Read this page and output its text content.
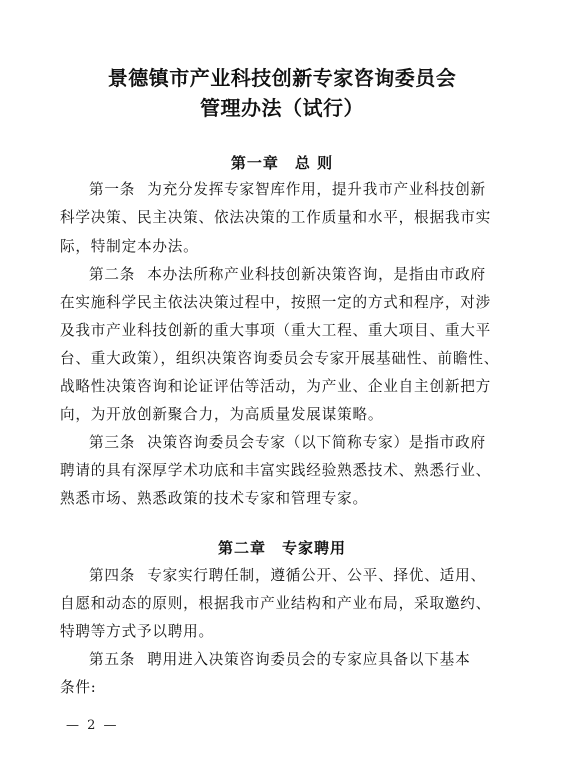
景德镇市产业科技创新专家咨询委员会
管理办法（试行）
第一章 总 则
第一条 为充分发挥专家智库作用，提升我市产业科技创新
科学决策、民主决策、依法决策的工作质量和水平，根据我市实
际，特制定本办法。
第二条 本办法所称产业科技创新决策咨询，是指由市政府
在实施科学民主依法决策过程中，按照一定的方式和程序，对涉
及我市产业科技创新的重大事项（重大工程、重大项目、重大平
台、重大政策），组织决策咨询委员会专家开展基础性、前瞻性、
战略性决策咨询和论证评估等活动，为产业、企业自主创新把方
向，为开放创新聚合力，为高质量发展谋策略。
第三条 决策咨询委员会专家（以下简称专家）是指市政府
聘请的具有深厚学术功底和丰富实践经验熟悉技术、熟悉行业、
熟悉市场、熟悉政策的技术专家和管理专家。
第二章 专家聘用
第四条 专家实行聘任制，遵循公开、公平、择优、适用、
自愿和动态的原则，根据我市产业结构和产业布局，采取邀约、
特聘等方式予以聘用。
第五条 聘用进入决策咨询委员会的专家应具备以下基本
条件:
— 2 —
